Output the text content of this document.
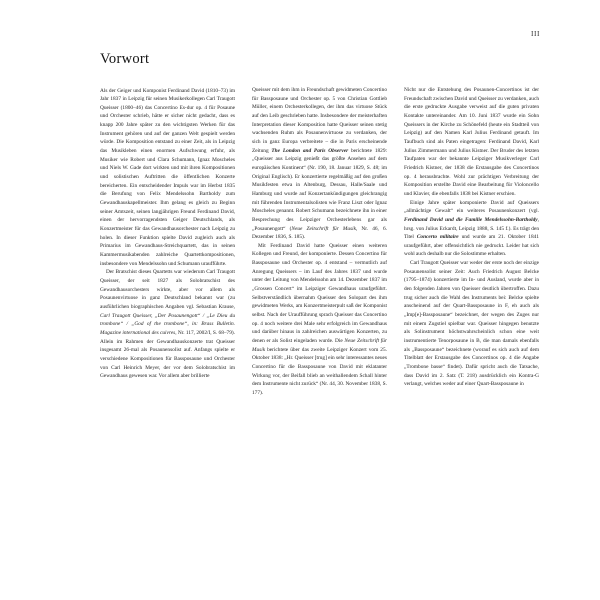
III
Vorwort

Als der Geiger und Komponist Ferdinand David (1810–73) im Jahr 1837 in Leipzig für seinen Musikerkollegen Carl Traugott Queisser (1800–46) das Concertino Es-dur op. 4 für Posaune und Orchester schrieb, hätte er sicher nicht gedacht, dass es knapp 200 Jahre später zu den wichtigsten Werken für das Instrument gehören und auf der ganzen Welt gespielt werden würde. Die Komposition entstand zu einer Zeit, als in Leipzig das Musikleben einen enormen Aufschwung erfuhr, als Musiker wie Robert und Clara Schumann, Ignaz Moscheles und Niels W. Gade dort wirkten und mit ihren Kompositionen und solistischen Auftritten die öffentlichen Konzerte bereicherten. Ein entscheidender Impuls war im Herbst 1835 die Berufung von Felix Mendelssohn Bartholdy zum Gewandhauskapellmeister. Ihm gelang es gleich zu Beginn seiner Amtszeit, seinen langjährigen Freund Ferdinand David, einen der hervorragendsten Geiger Deutschlands, als Konzertmeister für das Gewandhausorchester nach Leipzig zu holen. In dieser Funktion spielte David zugleich auch als Primarius im Gewandhaus-Streichquartett, das in seinen Kammermusikabenden zahlreiche Quartettkompositionen, insbesondere von Mendelssohn und Schumann uraufführte.

Der Bratschist dieses Quartetts war wiederum Carl Traugott Queisser, der seit 1827 als Solobratschist des Gewandhausorchesters wirkte, aber vor allem als Posaunenvirtuose in ganz Deutschland bekannt war (zu ausführlichen biographischen Angaben vgl. Sebastian Krause, Carl Traugott Queisser, „Der Posaunengott“ / „Le Dieu du trombone“ / „God of the trombone“, in: Brass Bulletin. Magazine international des cuivres, Nr. 117, 2002/I, S. 68–79). Allein im Rahmen der Gewandhauskonzerte trat Queisser insgesamt 26-mal als Posaunensolist auf. Anfangs spielte er verschiedene Kompositionen für Bassposaune und Orchester von Carl Heinrich Meyer, der vor dem Solobratschist im Gewandhaus gewesen war. Vor allem aber brillierte

Queisser mit dem ihm in Freundschaft gewidmeten Concertino für Bassposaune und Orchester op. 5 von Christian Gottlieb Müller, einem Orchesterkollegen, der ihm das virtuose Stück auf den Leib geschrieben hatte. Insbesondere der meisterhaften Interpretation dieser Komposition hatte Queisser seinen stetig wachsenden Ruhm als Posaunenvirtuose zu verdanken, der sich in ganz Europa verbreitete – die in Paris erscheinende Zeitung The London and Paris Observer berichtete 1829: „Queisser aus Leipzig genießt das größte Ansehen auf dem europäischen Kontinent“ (Nr. 190, 18. Januar 1829, S. 48; im Original Englisch). Er konzertierte regelmäßig auf den großen Musikfesten etwa in Altenburg, Dessau, Halle/Saale und Hamburg und wurde auf Konzertankündigungen gleichrangig mit führenden Instrumentalsolisten wie Franz Liszt oder Ignaz Moscheles genannt. Robert Schumann bezeichnete ihn in einer Besprechung des Leipziger Orchesterlebens gar als „Posaunengott“ (Neue Zeitschrift für Musik, Nr. 46, 6. Dezember 1836, S. 185).

Mit Ferdinand David hatte Queisser einen weiteren Kollegen und Freund, der komponierte. Dessen Concertino für Bassposaune und Orchester op. 4 entstand – vermutlich auf Anregung Queissers – im Lauf des Jahres 1837 und wurde unter der Leitung von Mendelssohn am 14. Dezember 1837 im „Grossen Concert“ im Leipziger Gewandhaus uraufgeführt. Selbstverständlich übernahm Queisser den Solopart des ihm gewidmeten Werks, am Konzertmeisterpult saß der Komponist selbst. Nach der Uraufführung sprach Queisser das Concertino op. 4 noch weitere drei Male sehr erfolgreich im Gewandhaus und darüber hinaus in zahlreichen auswärtigen Konzerten, zu denen er als Solist eingeladen wurde. Die Neue Zeitschrift für Musik berichtete über das zweite Leipziger Konzert vom 25. Oktober 1838: „Hr. Queisser [trug] ein sehr interessantes neues Concertino für die Bassposaune von David mit eklatanter Wirkung vor, der Beifall blieb an weithallendem Schall hinter dem Instrumente nicht zurück“ (Nr. 44, 30. November 1838, S. 177).

Nicht nur die Entstehung des Posaunen-Concertinos ist der Freundschaft zwischen David und Queisser zu verdanken, auch die erste gedruckte Ausgabe verweist auf die guten privaten Kontakte untereinander. Am 10. Juni 1837 wurde ein Sohn Queissers in der Kirche zu Schönefeld (heute ein Stadtteil von Leipzig) auf den Namen Karl Julius Ferdinand getauft. Im Taufbuch sind als Paten eingetragen: Ferdinand David, Karl Julius Zimmermann und Julius Kistner. Der Bruder des letzten Taufpaten war der bekannte Leipziger Musikverleger Carl Friedrich Kistner, der 1838 die Erstausgabe des Concertinos op. 4 herausbrachte. Wohl zur prächtigen Verbreitung der Komposition erstellte David eine Bearbeitung für Violoncello und Klavier, die ebenfalls 1838 bei Kistner erschien.

Einige Jahre später komponierte David auf Queissers „allmächtige Gewalt“ ein weiteres Posaunenkonzert (vgl. Ferdinand David und die Familie Mendelssohn-Bartholdy, hrsg. von Julius Eckardt, Leipzig 1888, S. 145 f.). Es trägt den Titel Concerto militaire und wurde am 21. Oktober 1841 uraufgeführt, aber offensichtlich nie gedruckt. Leider hat sich wohl auch deshalb nur die Solostimme erhalten.

Carl Traugott Queisser war weder der erste noch der einzige Posaunensolist seiner Zeit: Auch Friedrich August Belcke (1795–1874) konzertierte im In- und Ausland, wurde aber in den folgenden Jahren von Queisser deutlich übertroffen. Dazu trug sicher auch die Wahl des Instruments bei: Belcke spielte anscheinend auf der Quart-Bassposaune in F, eh auch als „Imp[e]-Bassposaune“ bezeichnet, der wegen des Zuges nur mit einem Zugstiel spielbar war. Queisser hingegen benutzte als Solinstrument höchstwahrscheinlich schon eine weit instrumentierte Tenorposaune in B, die man damals ebenfalls als „Bassposaune“ bezeichnete (worauf es sich auch auf dem Titelblatt der Erstausgabe des Concertinos op. 4 die Angabe „Trombone basse“ findet). Dafür spricht auch die Tatsache, dass David im 2. Satz (T. 218) ausdrücklich ein Kontra-G verlangt, welches weder auf einer Quart-Bassposaune in
